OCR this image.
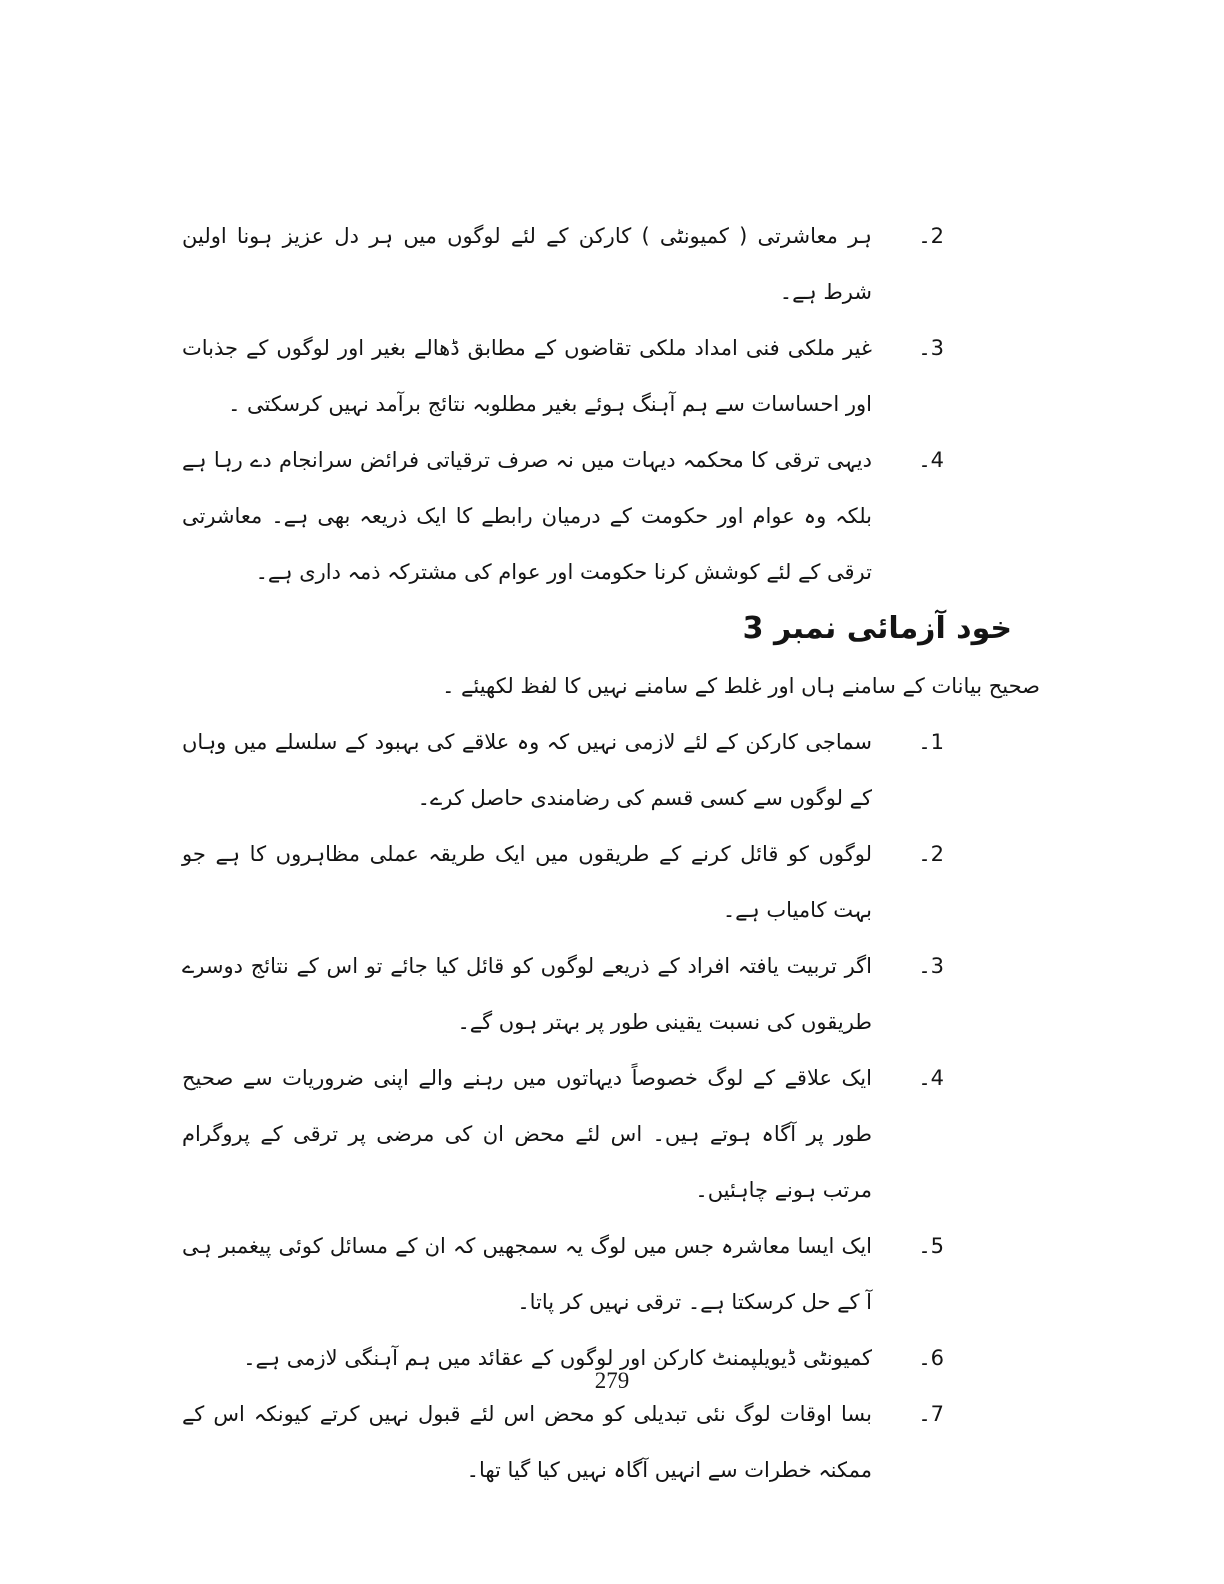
2۔
ہر معاشرتی ( کمیونٹی ) کارکن کے لئے لوگوں میں ہر دل عزیز ہونا اولین شرط ہے۔
3۔
غیر ملکی فنی امداد ملکی تقاضوں کے مطابق ڈھالے بغیر اور لوگوں کے جذبات اور احساسات سے ہم آہنگ ہوئے بغیر مطلوبہ نتائج برآمد نہیں کرسکتی ۔
4۔
دیہی ترقی کا محکمہ دیہات میں نہ صرف ترقیاتی فرائض سرانجام دے رہا ہے بلکہ وہ عوام اور حکومت کے درمیان رابطے کا ایک ذریعہ بھی ہے۔ معاشرتی ترقی کے لئے کوشش کرنا حکومت اور عوام کی مشترکہ ذمہ داری ہے۔
خود آزمائی نمبر 3

صحیح بیانات کے سامنے ہاں اور غلط کے سامنے نہیں کا لفظ لکھیئے ۔

1۔
سماجی کارکن کے لئے لازمی نہیں کہ وہ علاقے کی بہبود کے سلسلے میں وہاں کے لوگوں سے کسی قسم کی رضامندی حاصل کرے۔
2۔
لوگوں کو قائل کرنے کے طریقوں میں ایک طریقہ عملی مظاہروں کا ہے جو بہت کامیاب ہے۔
3۔
اگر تربیت یافتہ افراد کے ذریعے لوگوں کو قائل کیا جائے تو اس کے نتائج دوسرے طریقوں کی نسبت یقینی طور پر بہتر ہوں گے۔
4۔
ایک علاقے کے لوگ خصوصاً دیہاتوں میں رہنے والے اپنی ضروریات سے صحیح طور پر آگاہ ہوتے ہیں۔ اس لئے محض ان کی مرضی پر ترقی کے پروگرام مرتب ہونے چاہئیں۔
5۔
ایک ایسا معاشرہ جس میں لوگ یہ سمجھیں کہ ان کے مسائل کوئی پیغمبر ہی آ کے حل کرسکتا ہے۔ ترقی نہیں کر پاتا۔
6۔
کمیونٹی ڈیویلپمنٹ کارکن اور لوگوں کے عقائد میں ہم آہنگی لازمی ہے۔
7۔
بسا اوقات لوگ نئی تبدیلی کو محض اس لئے قبول نہیں کرتے کیونکہ اس کے ممکنہ خطرات سے انہیں آگاہ نہیں کیا گیا تھا۔
279
